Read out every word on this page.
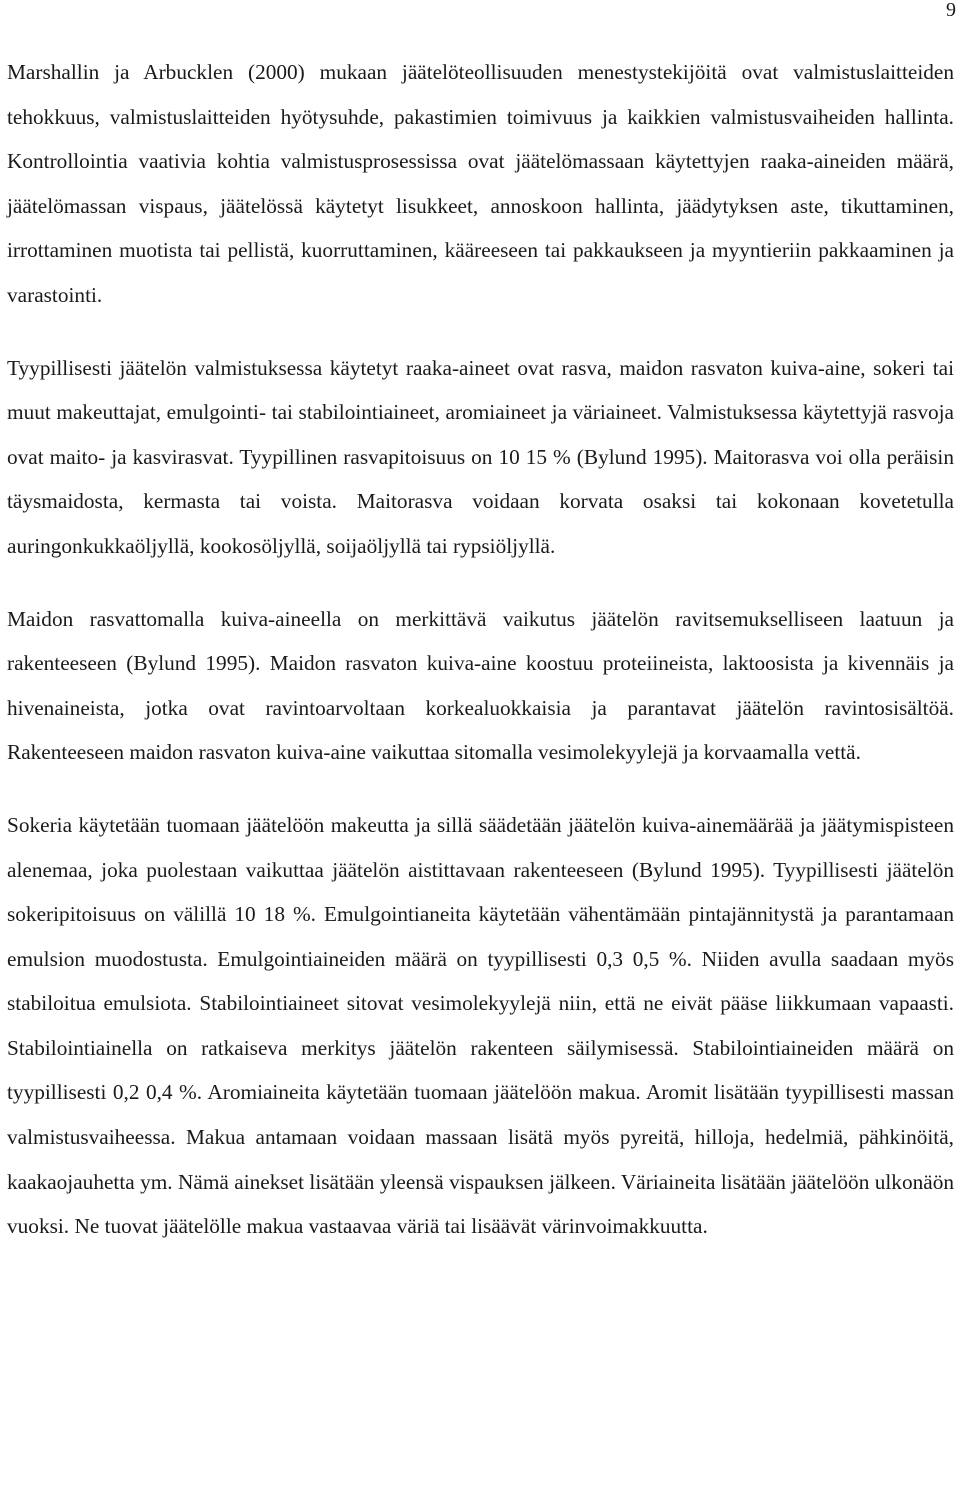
9

Marshallin ja Arbucklen (2000) mukaan jäätelöteollisuuden menestystekijöitä ovat valmistuslaitteiden tehokkuus, valmistuslaitteiden hyötysuhde, pakastimien toimivuus ja kaikkien valmistusvaiheiden hallinta. Kontrollointia vaativia kohtia valmistusprosessissa ovat jäätelömassaan käytettyjen raaka-aineiden määrä, jäätelömassan vispaus, jäätelössä käytetyt lisukkeet, annoskoon hallinta, jäädytyksen aste, tikuttaminen, irrottaminen muotista tai pellistä, kuorruttaminen, kääreeseen tai pakkaukseen ja myyntieriin pakkaaminen ja varastointi.

Tyypillisesti jäätelön valmistuksessa käytetyt raaka-aineet ovat rasva, maidon rasvaton kuiva-aine, sokeri tai muut makeuttajat, emulgointi- tai stabilointiaineet, aromiaineet ja väriaineet. Valmistuksessa käytettyjä rasvoja ovat maito- ja kasvirasvat. Tyypillinen rasvapitoisuus on 10 15 % (Bylund 1995). Maitorasva voi olla peräisin täysmaidosta, kermasta tai voista. Maitorasva voidaan korvata osaksi tai kokonaan kovetetulla auringonkukkaöljyllä, kookosöljyllä, soijaöljyllä tai rypsiöljyllä.

Maidon rasvattomalla kuiva-aineella on merkittävä vaikutus jäätelön ravitsemukselliseen laatuun ja rakenteeseen (Bylund 1995). Maidon rasvaton kuiva-aine koostuu proteiineista, laktoosista ja kivennäis ja hivenaineista, jotka ovat ravintoarvoltaan korkealuokkaisia ja parantavat jäätelön ravintosisältöä. Rakenteeseen maidon rasvaton kuiva-aine vaikuttaa sitomalla vesimolekyylejä ja korvaamalla vettä.

Sokeria käytetään tuomaan jäätelöön makeutta ja sillä säädetään jäätelön kuiva-ainemäärää ja jäätymispisteen alenemaa, joka puolestaan vaikuttaa jäätelön aistittavaan rakenteeseen (Bylund 1995). Tyypillisesti jäätelön sokeripitoisuus on välillä 10 18 %. Emulgointianeita käytetään vähentämään pintajännitystä ja parantamaan emulsion muodostusta. Emulgointiaineiden määrä on tyypillisesti 0,3 0,5 %. Niiden avulla saadaan myös stabiloitua emulsiota. Stabilointiaineet sitovat vesimolekyylejä niin, että ne eivät pääse liikkumaan vapaasti. Stabilointiainella on ratkaiseva merkitys jäätelön rakenteen säilymisessä. Stabilointiaineiden määrä on tyypillisesti 0,2 0,4 %. Aromiaineita käytetään tuomaan jäätelöön makua. Aromit lisätään tyypillisesti massan valmistusvaiheessa. Makua antamaan voidaan massaan lisätä myös pyreitä, hilloja, hedelmiä, pähkinöitä, kaakaojauhetta ym. Nämä ainekset lisätään yleensä vispauksen jälkeen. Väriaineita lisätään jäätelöön ulkonäön vuoksi. Ne tuovat jäätelölle makua vastaavaa väriä tai lisäävät värinvoimakkuutta.
